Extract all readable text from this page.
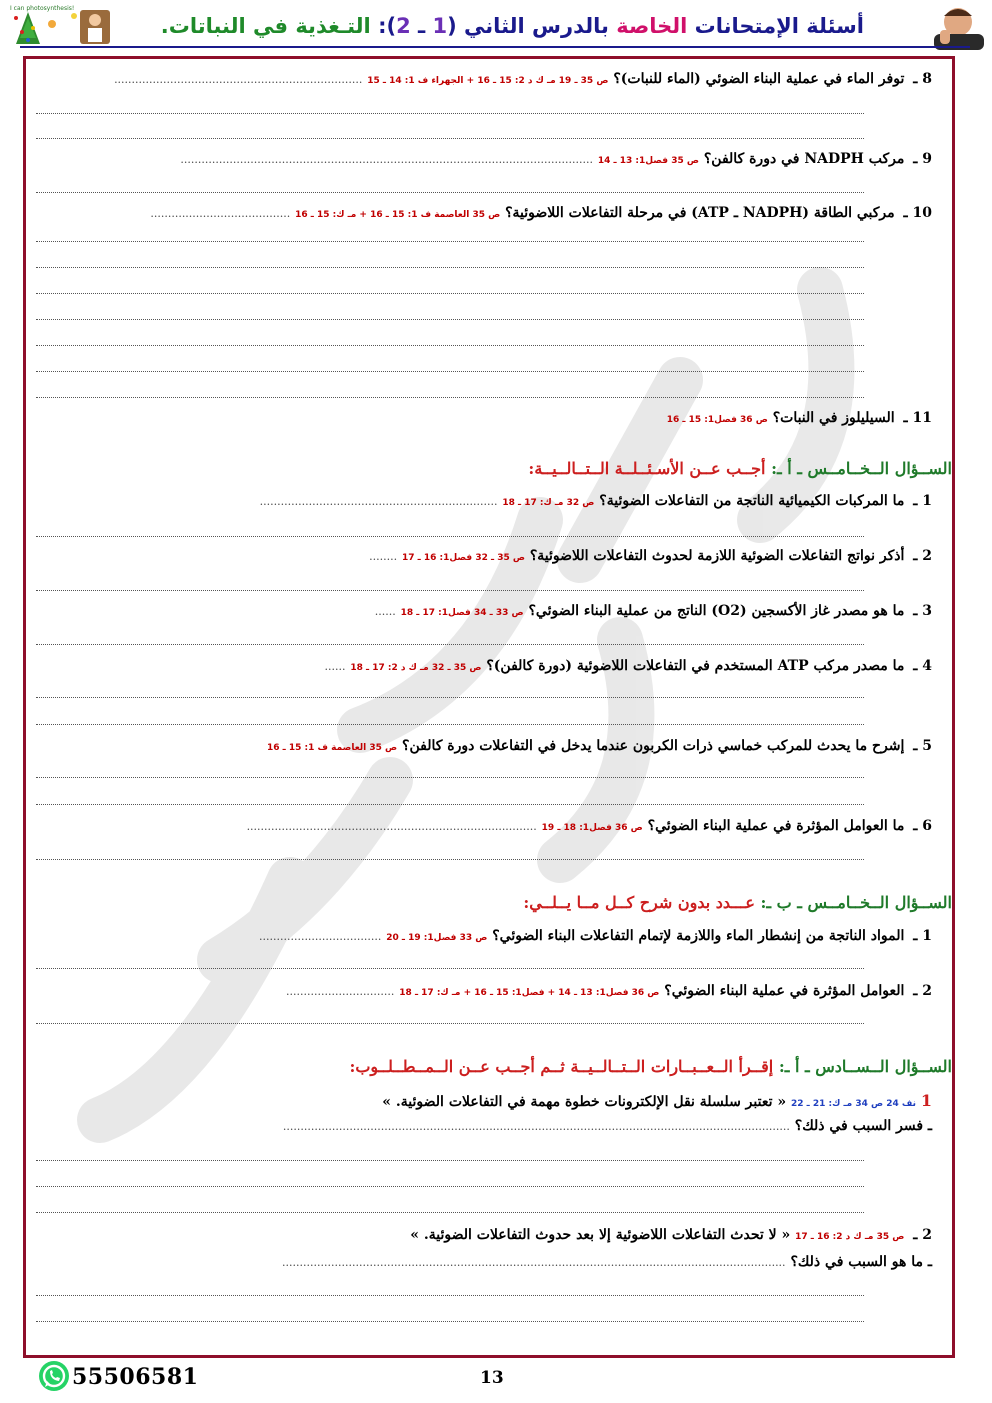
I can photosynthesis!
أسئلة الإمتحانات الخاصة بالدرس الثاني (1 ـ 2): التـغذية في النباتات.
8 ـ توفر الماء في عملية البناء الضوئي (الماء للنبات)؟ ص 35 ـ 19 مـ ك د 2: 15 ـ 16 + الجهراء ف 1: 14 ـ 15 .......................................................................
9 ـ مركب NADPH في دورة كالفن؟ ص 35 فصل1: 13 ـ 14 ......................................................................................................................
10 ـ مركبي الطاقة (NADPH ـ ATP) في مرحلة التفاعلات اللاضوئية؟ ص 35 العاصمة ف 1: 15 ـ 16 + مـ ك: 15 ـ 16 ........................................
11 ـ السيليلوز في النبات؟ ص 36 فصل1: 15 ـ 16
الســؤال الــخــامــس ـ أ ـ: أجــب عــن الأسـئــلــة الــتــالــيــة:
1 ـ ما المركبات الكيميائية الناتجة من التفاعلات الضوئية؟ ص 32 مـ ك: 17 ـ 18 ....................................................................
2 ـ أذكر نواتج التفاعلات الضوئية اللازمة لحدوث التفاعلات اللاضوئية؟ ص 35 ـ 32 فصل1: 16 ـ 17 ........
3 ـ ما هو مصدر غاز الأكسجين (O2) الناتج من عملية البناء الضوئي؟ ص 33 ـ 34 فصل1: 17 ـ 18 ......
4 ـ ما مصدر مركب ATP المستخدم في التفاعلات اللاضوئية (دورة كالفن)؟ ص 35 ـ 32 مـ ك د 2: 17 ـ 18 ......
5 ـ إشرح ما يحدث للمركب خماسي ذرات الكربون عندما يدخل في التفاعلات دورة كالفن؟ ص 35 العاصمة ف 1: 15 ـ 16
6 ـ ما العوامل المؤثرة في عملية البناء الضوئي؟ ص 36 فصل1: 18 ـ 19 ...................................................................................
الســؤال الــخــامــس ـ ب ـ: عـــدد بدون شرح كــل مــا يــلــي:
1 ـ المواد الناتجة من إنشطار الماء واللازمة لإتمام التفاعلات البناء الضوئي؟ ص 33 فصل1: 19 ـ 20 ...................................
2 ـ العوامل المؤثرة في عملية البناء الضوئي؟ ص 36 فصل1: 13 ـ 14 + فصل1: 15 ـ 16 + مـ ك: 17 ـ 18 ...............................
الســؤال الــســادس ـ أ ـ: إقــرأ الــعــبــارات الــتــالــيــة ثــم أجــب عــن الــمــطــلــوب:
1 نف 24 ص 34 مـ ك: 21 ـ 22 « تعتبر سلسلة نقل الإلكترونات خطوة مهمة في التفاعلات الضوئية. »
ـ فسر السبب في ذلك؟ .................................................................................................................................................
2 ـ ص 35 مـ ك د 2: 16 ـ 17 « لا تحدث التفاعلات اللاضوئية إلا بعد حدوث التفاعلات الضوئية. »
ـ ما هو السبب في ذلك؟ ................................................................................................................................................
55506581	13
